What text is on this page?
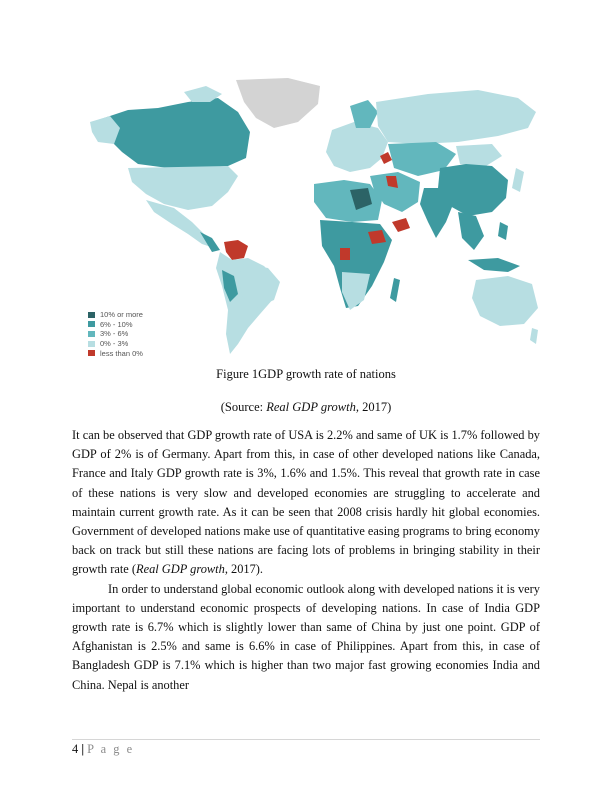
10% or more
6% - 10%
3% - 6%
0% - 3%
less than 0%
Figure 1GDP growth rate of nations
(Source: Real GDP growth, 2017)

It can be observed that GDP growth rate of USA is 2.2% and same of UK is 1.7% followed by GDP of 2% is of Germany. Apart from this, in case of other developed nations like Canada, France and Italy GDP growth rate is 3%, 1.6% and 1.5%. This reveal that growth rate in case of these nations is very slow and developed economies are struggling to accelerate and maintain current growth rate. As it can be seen that 2008 crisis hardly hit global economies. Government of developed nations make use of quantitative easing programs to bring economy back on track but still these nations are facing lots of problems in bringing stability in their growth rate (Real GDP growth, 2017).

In order to understand global economic outlook along with developed nations it is very important to understand economic prospects of developing nations. In case of India GDP growth rate is 6.7% which is slightly lower than same of China by just one point. GDP of Afghanistan is 2.5% and same is 6.6% in case of Philippines. Apart from this, in case of Bangladesh GDP is 7.1% which is higher than two major fast growing economies India and China. Nepal is another

4 | P a g e
